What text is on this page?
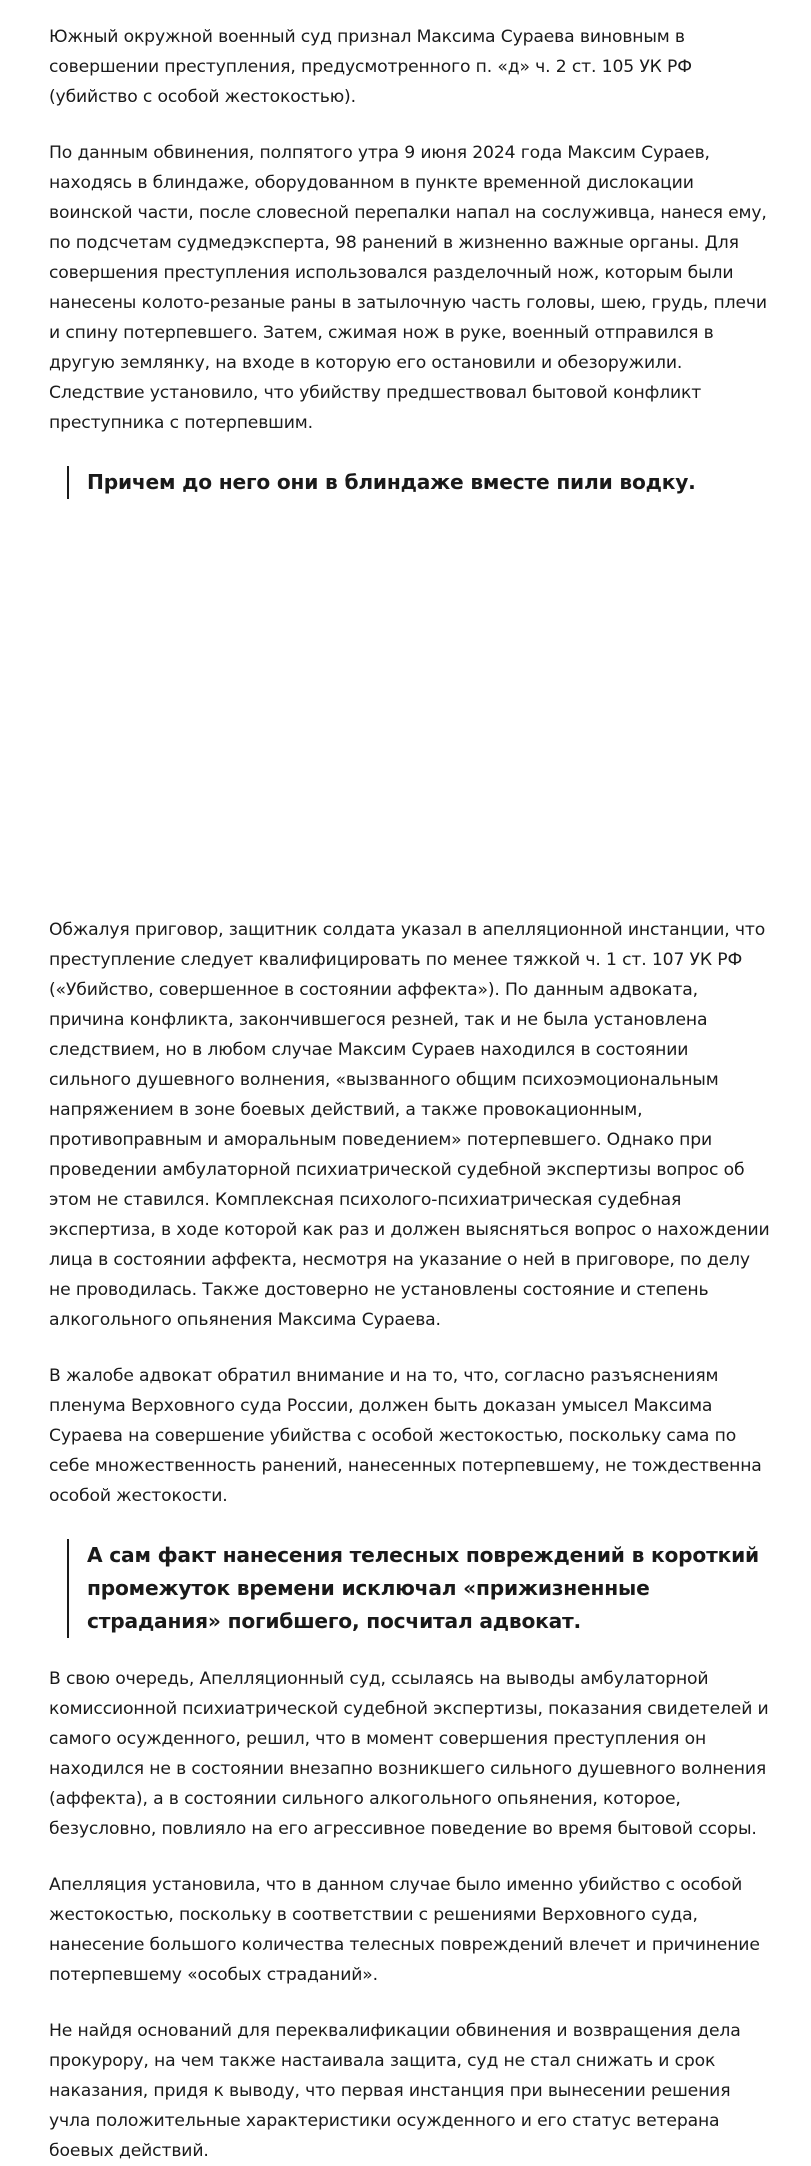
Южный окружной военный суд признал Максима Сураева виновным в совершении преступления, предусмотренного п. «д» ч. 2 ст. 105 УК РФ (убийство с особой жестокостью).

По данным обвинения, полпятого утра 9 июня 2024 года Максим Сураев, находясь в блиндаже, оборудованном в пункте временной дислокации воинской части, после словесной перепалки напал на сослуживца, нанеся ему, по подсчетам судмедэксперта, 98 ранений в жизненно важные органы. Для совершения преступления использовался разделочный нож, которым были нанесены колото-резаные раны в затылочную часть головы, шею, грудь, плечи и спину потерпевшего. Затем, сжимая нож в руке, военный отправился в другую землянку, на входе в которую его остановили и обезоружили. Следствие установило, что убийству предшествовал бытовой конфликт преступника с потерпевшим.

Причем до него они в блиндаже вместе пили водку.

Обжалуя приговор, защитник солдата указал в апелляционной инстанции, что преступление следует квалифицировать по менее тяжкой ч. 1 ст. 107 УК РФ («Убийство, совершенное в состоянии аффекта»). По данным адвоката, причина конфликта, закончившегося резней, так и не была установлена следствием, но в любом случае Максим Сураев находился в состоянии сильного душевного волнения, «вызванного общим психоэмоциональным напряжением в зоне боевых действий, а также провокационным, противоправным и аморальным поведением» потерпевшего. Однако при проведении амбулаторной психиатрической судебной экспертизы вопрос об этом не ставился. Комплексная психолого-психиатрическая судебная экспертиза, в ходе которой как раз и должен выясняться вопрос о нахождении лица в состоянии аффекта, несмотря на указание о ней в приговоре, по делу не проводилась. Также достоверно не установлены состояние и степень алкогольного опьянения Максима Сураева.

В жалобе адвокат обратил внимание и на то, что, согласно разъяснениям пленума Верховного суда России, должен быть доказан умысел Максима Сураева на совершение убийства с особой жестокостью, поскольку сама по себе множественность ранений, нанесенных потерпевшему, не тождественна особой жестокости.

А сам факт нанесения телесных повреждений в короткий промежуток времени исключал «прижизненные страдания» погибшего, посчитал адвокат.

В свою очередь, Апелляционный суд, ссылаясь на выводы амбулаторной комиссионной психиатрической судебной экспертизы, показания свидетелей и самого осужденного, решил, что в момент совершения преступления он находился не в состоянии внезапно возникшего сильного душевного волнения (аффекта), а в состоянии сильного алкогольного опьянения, которое, безусловно, повлияло на его агрессивное поведение во время бытовой ссоры.

Апелляция установила, что в данном случае было именно убийство с особой жестокостью, поскольку в соответствии с решениями Верховного суда, нанесение большого количества телесных повреждений влечет и причинение потерпевшему «особых страданий».

Не найдя оснований для переквалификации обвинения и возвращения дела прокурору, на чем также настаивала защита, суд не стал снижать и срок наказания, придя к выводу, что первая инстанция при вынесении решения учла положительные характеристики осужденного и его статус ветерана боевых действий.
